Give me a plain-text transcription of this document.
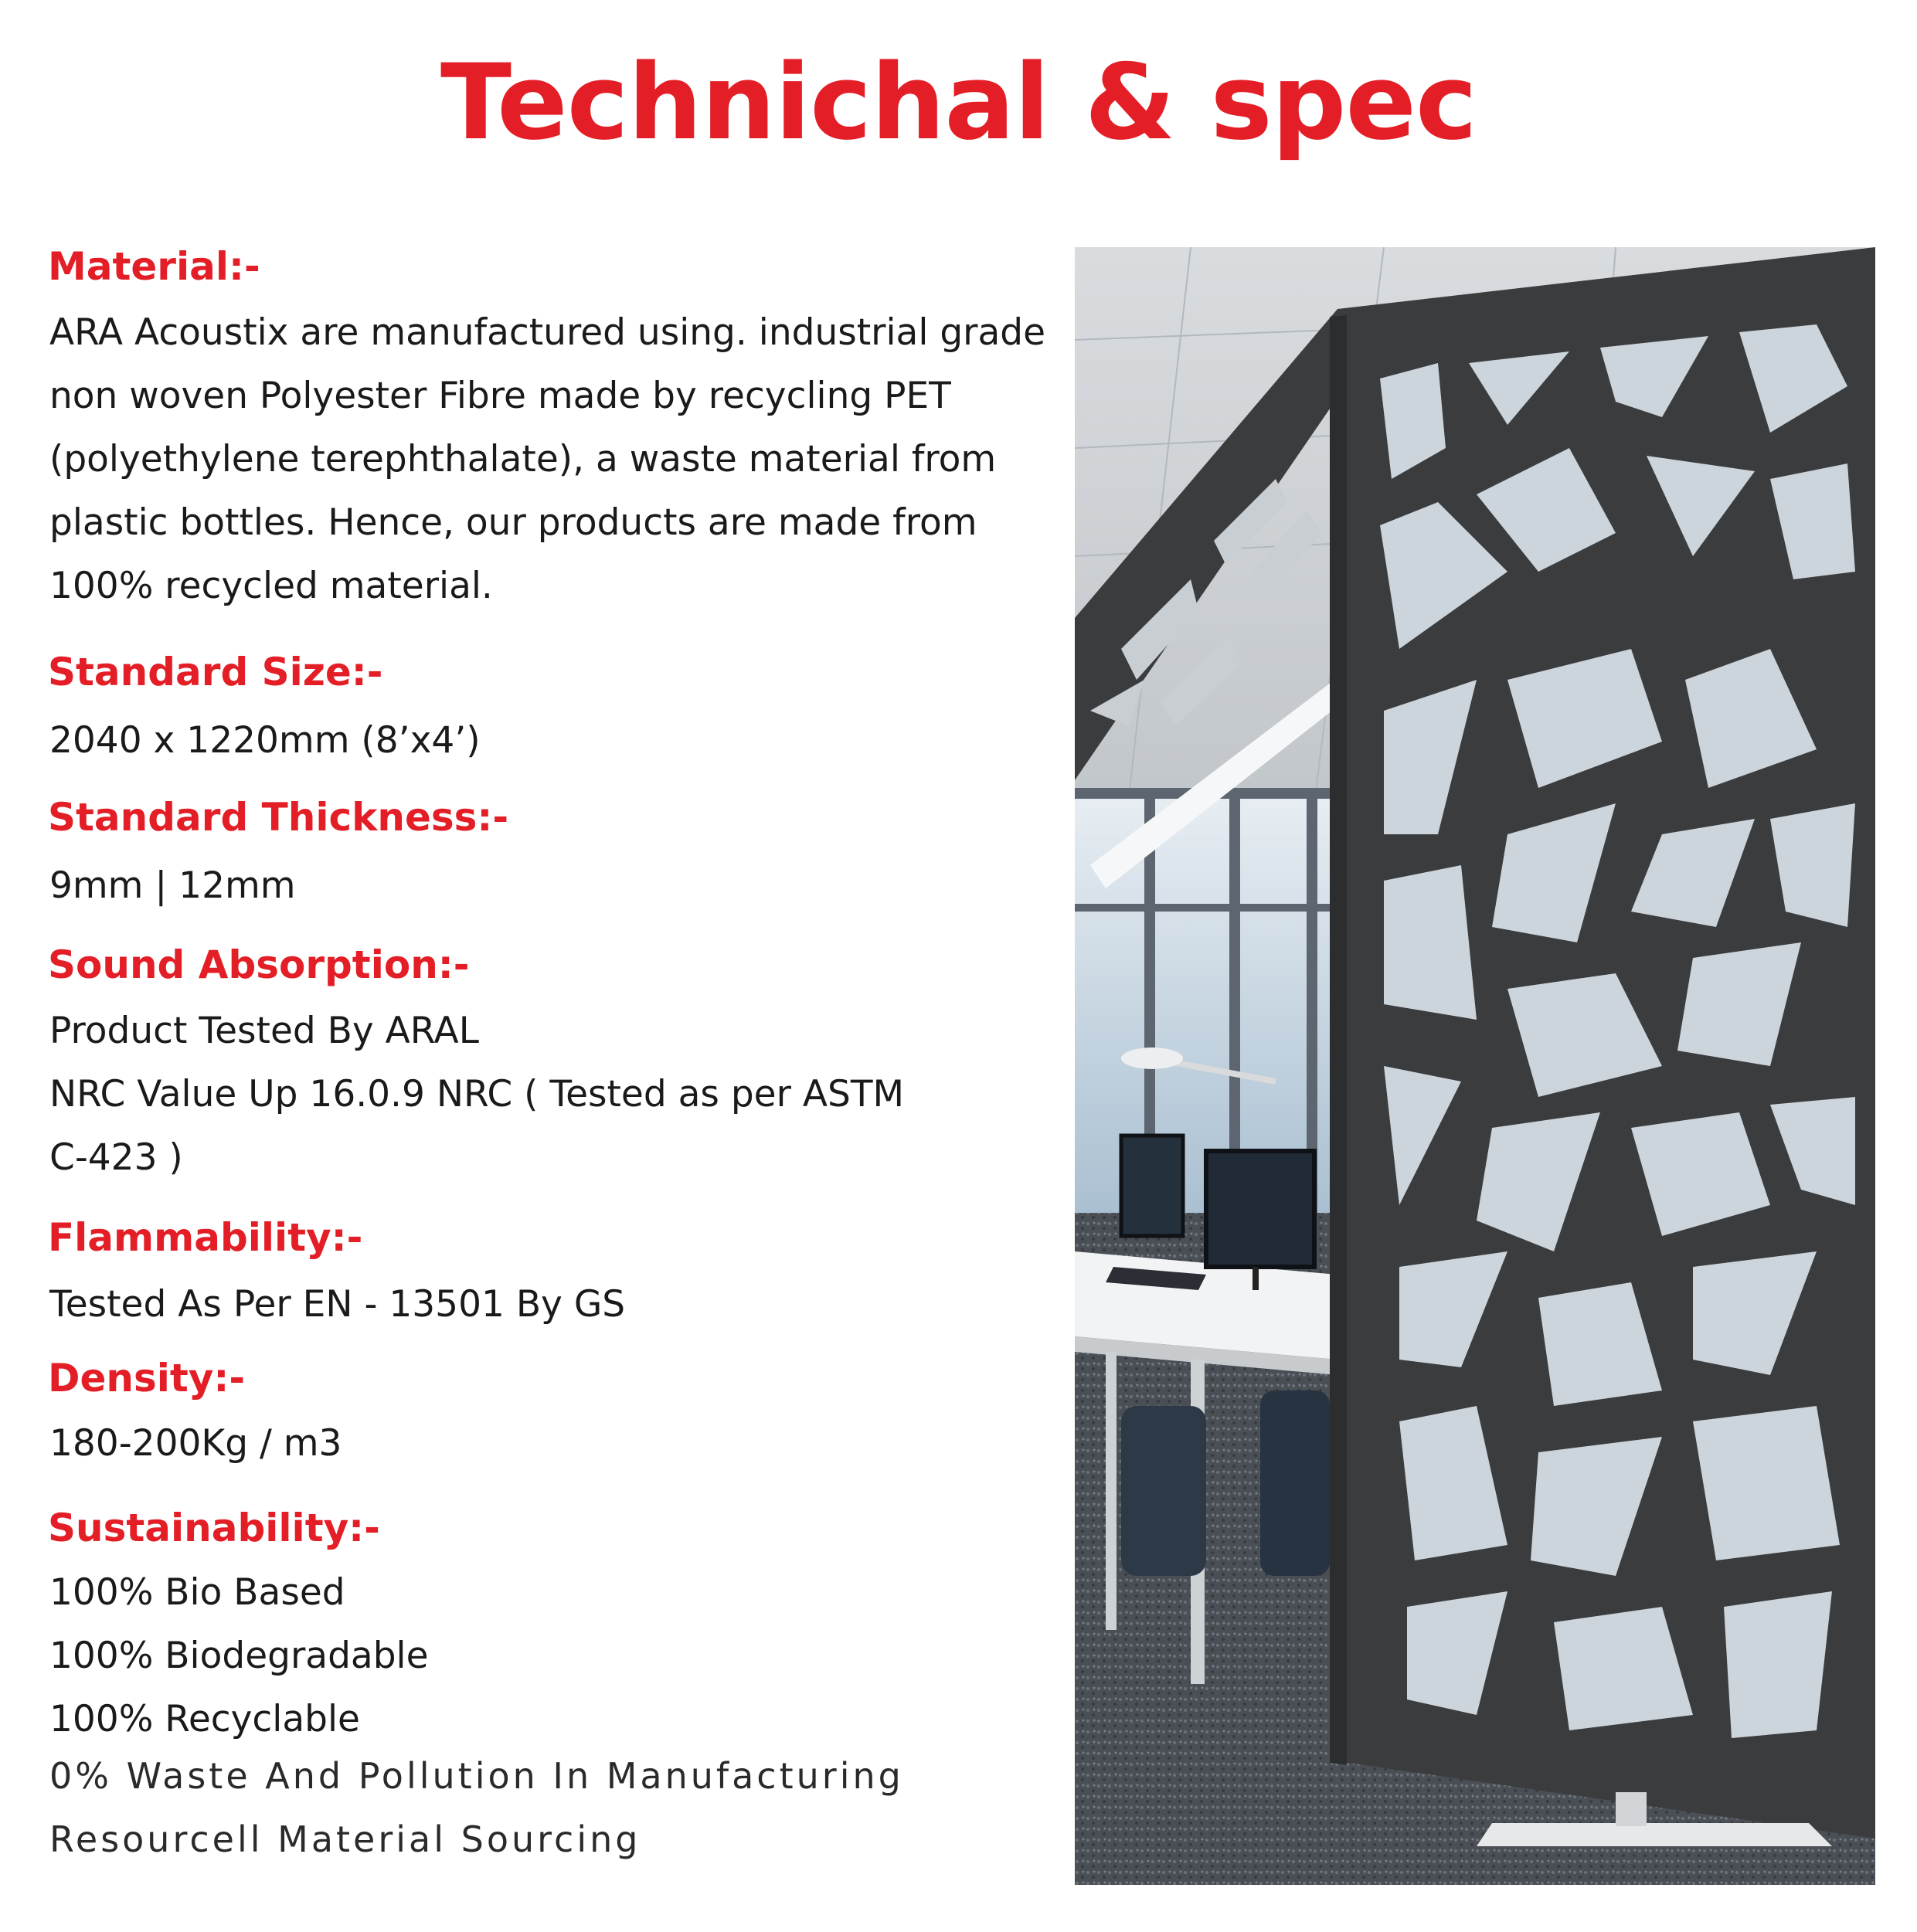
Technichal & spec
Material:-
ARA Acoustix are manufactured using. industrial grade non woven Polyester Fibre made by recycling PET (polyethylene terephthalate), a waste material from plastic bottles. Hence, our products are made from 100% recycled material.
Standard Size:-
2040 x 1220mm (8’x4’)
Standard Thickness:-
9mm | 12mm
Sound Absorption:-
Product Tested By ARAL
NRC Value Up 16.0.9 NRC ( Tested as per ASTM
C-423 )
Flammability:-
Tested As Per EN - 13501 By GS
Density:-
180-200Kg / m3
Sustainability:-
100% Bio Based
100% Biodegradable
100% Recyclable
0% Waste And Pollution In Manufacturing
Resourcell Material Sourcing
